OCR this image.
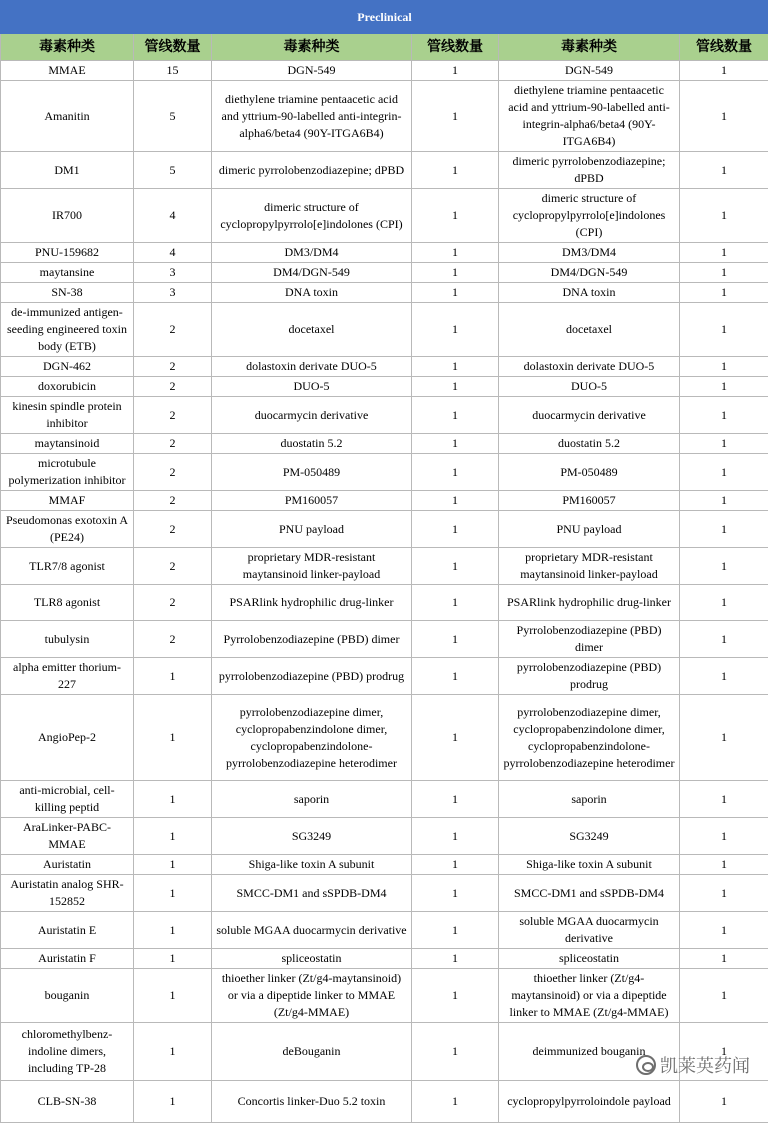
Preclinical					
毒素种类	管线数量	毒素种类	管线数量	毒素种类	管线数量
MMAE	15	DGN-549	1	DGN-549	1
Amanitin	5	diethylene triamine pentaacetic acid and yttrium-90-labelled anti-integrin-alpha6/beta4 (90Y-ITGA6B4)	1	diethylene triamine pentaacetic acid and yttrium-90-labelled anti-integrin-alpha6/beta4 (90Y-ITGA6B4)	1
DM1	5	dimeric pyrrolobenzodiazepine; dPBD	1	dimeric pyrrolobenzodiazepine; dPBD	1
IR700	4	dimeric structure of cyclopropylpyrrolo[e]indolones (CPI)	1	dimeric structure of cyclopropylpyrrolo[e]indolones (CPI)	1
PNU-159682	4	DM3/DM4	1	DM3/DM4	1
maytansine	3	DM4/DGN-549	1	DM4/DGN-549	1
SN-38	3	DNA toxin	1	DNA toxin	1
de-immunized antigen-seeding engineered toxin body (ETB)	2	docetaxel	1	docetaxel	1
DGN-462	2	dolastoxin derivate DUO-5	1	dolastoxin derivate DUO-5	1
doxorubicin	2	DUO-5	1	DUO-5	1
kinesin spindle protein inhibitor	2	duocarmycin derivative	1	duocarmycin derivative	1
maytansinoid	2	duostatin 5.2	1	duostatin 5.2	1
microtubule polymerization inhibitor	2	PM-050489	1	PM-050489	1
MMAF	2	PM160057	1	PM160057	1
Pseudomonas exotoxin A (PE24)	2	PNU payload	1	PNU payload	1
TLR7/8 agonist	2	proprietary MDR-resistant maytansinoid linker-payload	1	proprietary MDR-resistant maytansinoid linker-payload	1
TLR8 agonist	2	PSARlink hydrophilic drug-linker	1	PSARlink hydrophilic drug-linker	1
tubulysin	2	Pyrrolobenzodiazepine (PBD) dimer	1	Pyrrolobenzodiazepine (PBD) dimer	1
alpha emitter thorium-227	1	pyrrolobenzodiazepine (PBD) prodrug	1	pyrrolobenzodiazepine (PBD) prodrug	1
AngioPep-2	1	pyrrolobenzodiazepine dimer, cyclopropabenzindolone dimer, cyclopropabenzindolone-pyrrolobenzodiazepine heterodimer	1	pyrrolobenzodiazepine dimer, cyclopropabenzindolone dimer, cyclopropabenzindolone-pyrrolobenzodiazepine heterodimer	1
anti-microbial, cell-killing peptid	1	saporin	1	saporin	1
AraLinker-PABC-MMAE	1	SG3249	1	SG3249	1
Auristatin	1	Shiga-like toxin A subunit	1	Shiga-like toxin A subunit	1
Auristatin analog SHR-152852	1	SMCC-DM1 and sSPDB-DM4	1	SMCC-DM1 and sSPDB-DM4	1
Auristatin E	1	soluble MGAA duocarmycin derivative	1	soluble MGAA duocarmycin derivative	1
Auristatin F	1	spliceostatin	1	spliceostatin	1
bouganin	1	thioether linker (Zt/g4-maytansinoid) or via a dipeptide linker to MMAE (Zt/g4-MMAE)	1	thioether linker (Zt/g4-maytansinoid) or via a dipeptide linker to MMAE (Zt/g4-MMAE)	1
chloromethylbenz-indoline dimers, including TP-28	1	deBouganin	1	deimmunized bouganin	1
CLB-SN-38	1	Concortis linker-Duo 5.2 toxin	1	cyclopropylpyrroloindole payload	1
凯莱英药闻
